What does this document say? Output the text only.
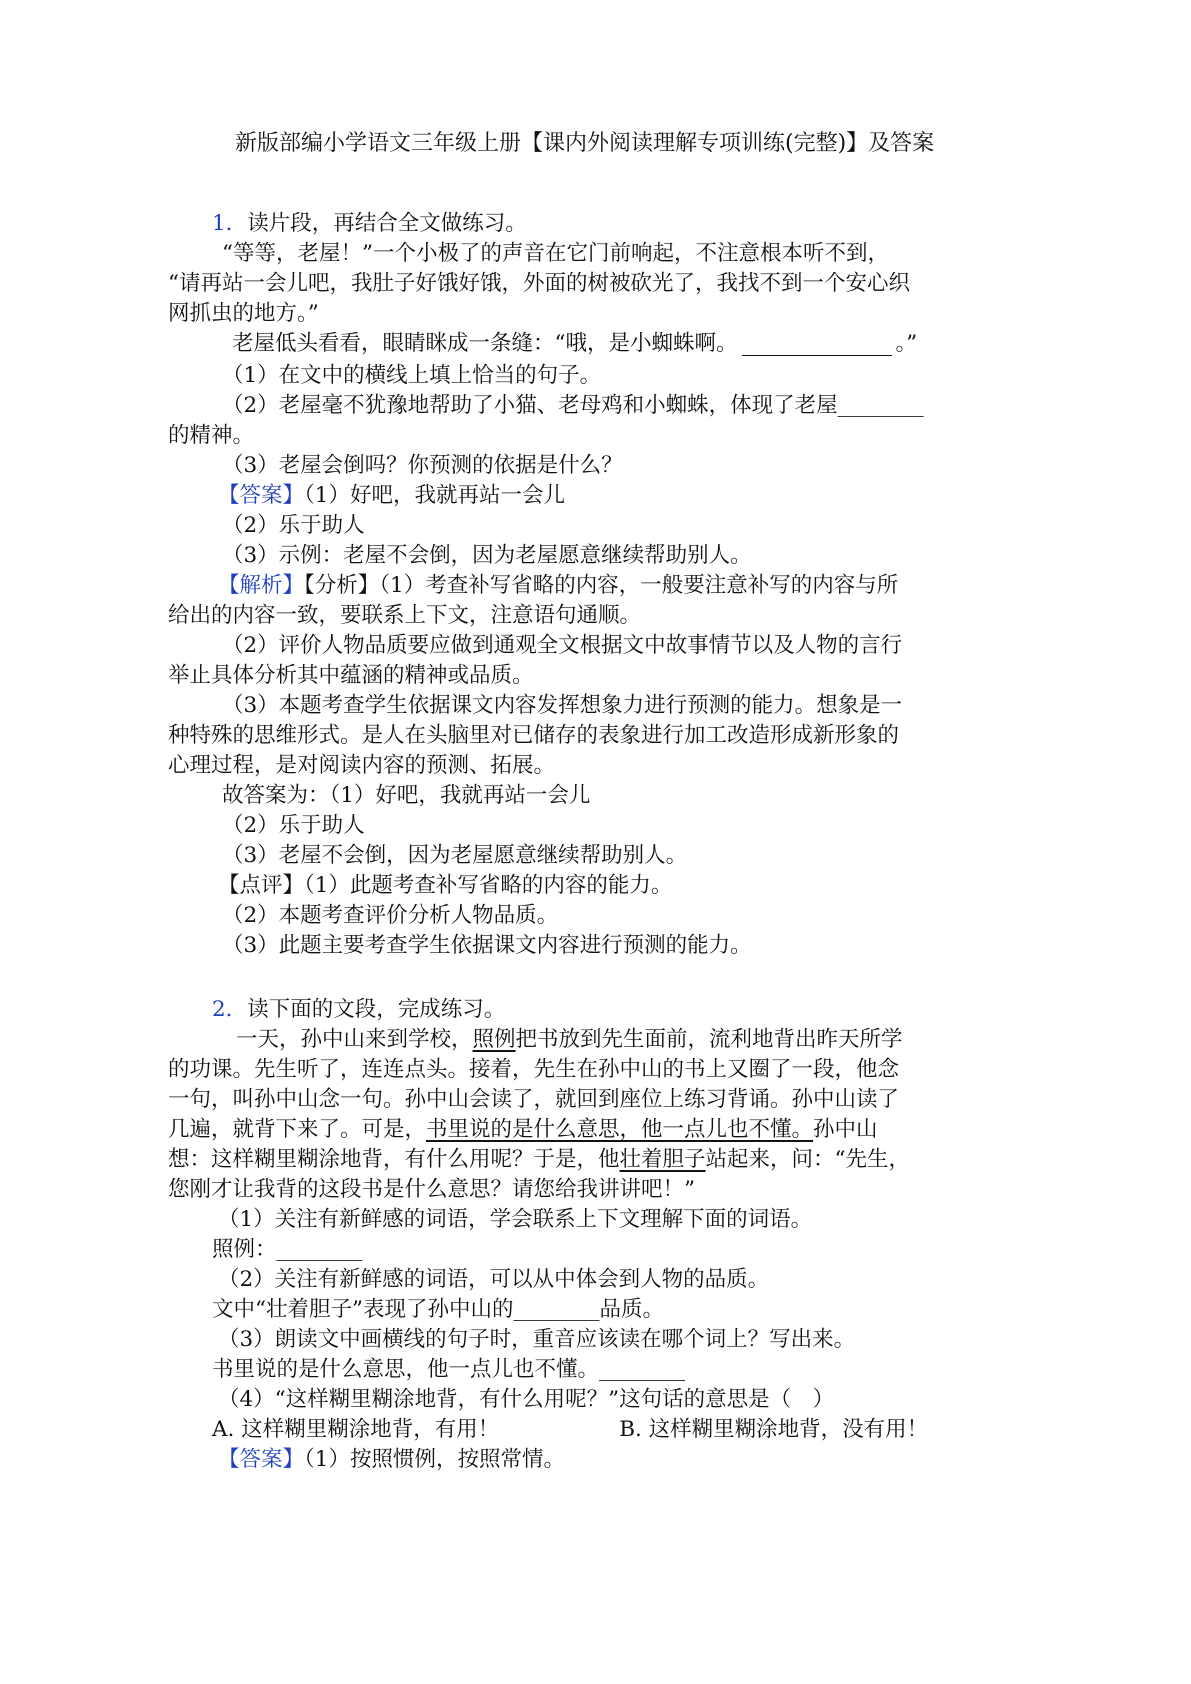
新版部编小学语文三年级上册【课内外阅读理解专项训练(完整)】及答案
1．读片段，再结合全文做练习。
“等等，老屋！”一个小极了的声音在它门前响起，不注意根本听不到，
“请再站一会儿吧，我肚子好饿好饿，外面的树被砍光了，我找不到一个安心织
网抓虫的地方。”
老屋低头看看，眼睛眯成一条缝：“哦，是小蜘蛛啊。	。”
（1）在文中的横线上填上恰当的句子。
（2）老屋毫不犹豫地帮助了小猫、老母鸡和小蜘蛛，体现了老屋________
的精神。
（3）老屋会倒吗？你预测的依据是什么？
【答案】（1）好吧，我就再站一会儿
（2）乐于助人
（3）示例：老屋不会倒，因为老屋愿意继续帮助别人。
【解析】【分析】（1）考查补写省略的内容，一般要注意补写的内容与所
给出的内容一致，要联系上下文，注意语句通顺。
（2）评价人物品质要应做到通观全文根据文中故事情节以及人物的言行
举止具体分析其中蕴涵的精神或品质。
（3）本题考查学生依据课文内容发挥想象力进行预测的能力。想象是一
种特殊的思维形式。是人在头脑里对已储存的表象进行加工改造形成新形象的
心理过程，是对阅读内容的预测、拓展。
故答案为：（1）好吧，我就再站一会儿
（2）乐于助人
（3）老屋不会倒，因为老屋愿意继续帮助别人。
【点评】（1）此题考查补写省略的内容的能力。
（2）本题考查评价分析人物品质。
（3）此题主要考查学生依据课文内容进行预测的能力。
2．读下面的文段，完成练习。
一天，孙中山来到学校，照例把书放到先生面前，流利地背出昨天所学
的功课。先生听了，连连点头。接着，先生在孙中山的书上又圈了一段，他念
一句，叫孙中山念一句。孙中山会读了，就回到座位上练习背诵。孙中山读了
几遍，就背下来了。可是，书里说的是什么意思，他一点儿也不懂。孙中山
想：这样糊里糊涂地背，有什么用呢？于是，他壮着胆子站起来，问：“先生，
您刚才让我背的这段书是什么意思？请您给我讲讲吧！”
（1）关注有新鲜感的词语，学会联系上下文理解下面的词语。
照例：________
（2）关注有新鲜感的词语，可以从中体会到人物的品质。
文中“壮着胆子”表现了孙中山的________品质。
（3）朗读文中画横线的句子时，重音应该读在哪个词上？写出来。
书里说的是什么意思，他一点儿也不懂。________
（4）“这样糊里糊涂地背，有什么用呢？”这句话的意思是（　）
A. 这样糊里糊涂地背，有用！	B. 这样糊里糊涂地背，没有用！
【答案】（1）按照惯例，按照常情。
